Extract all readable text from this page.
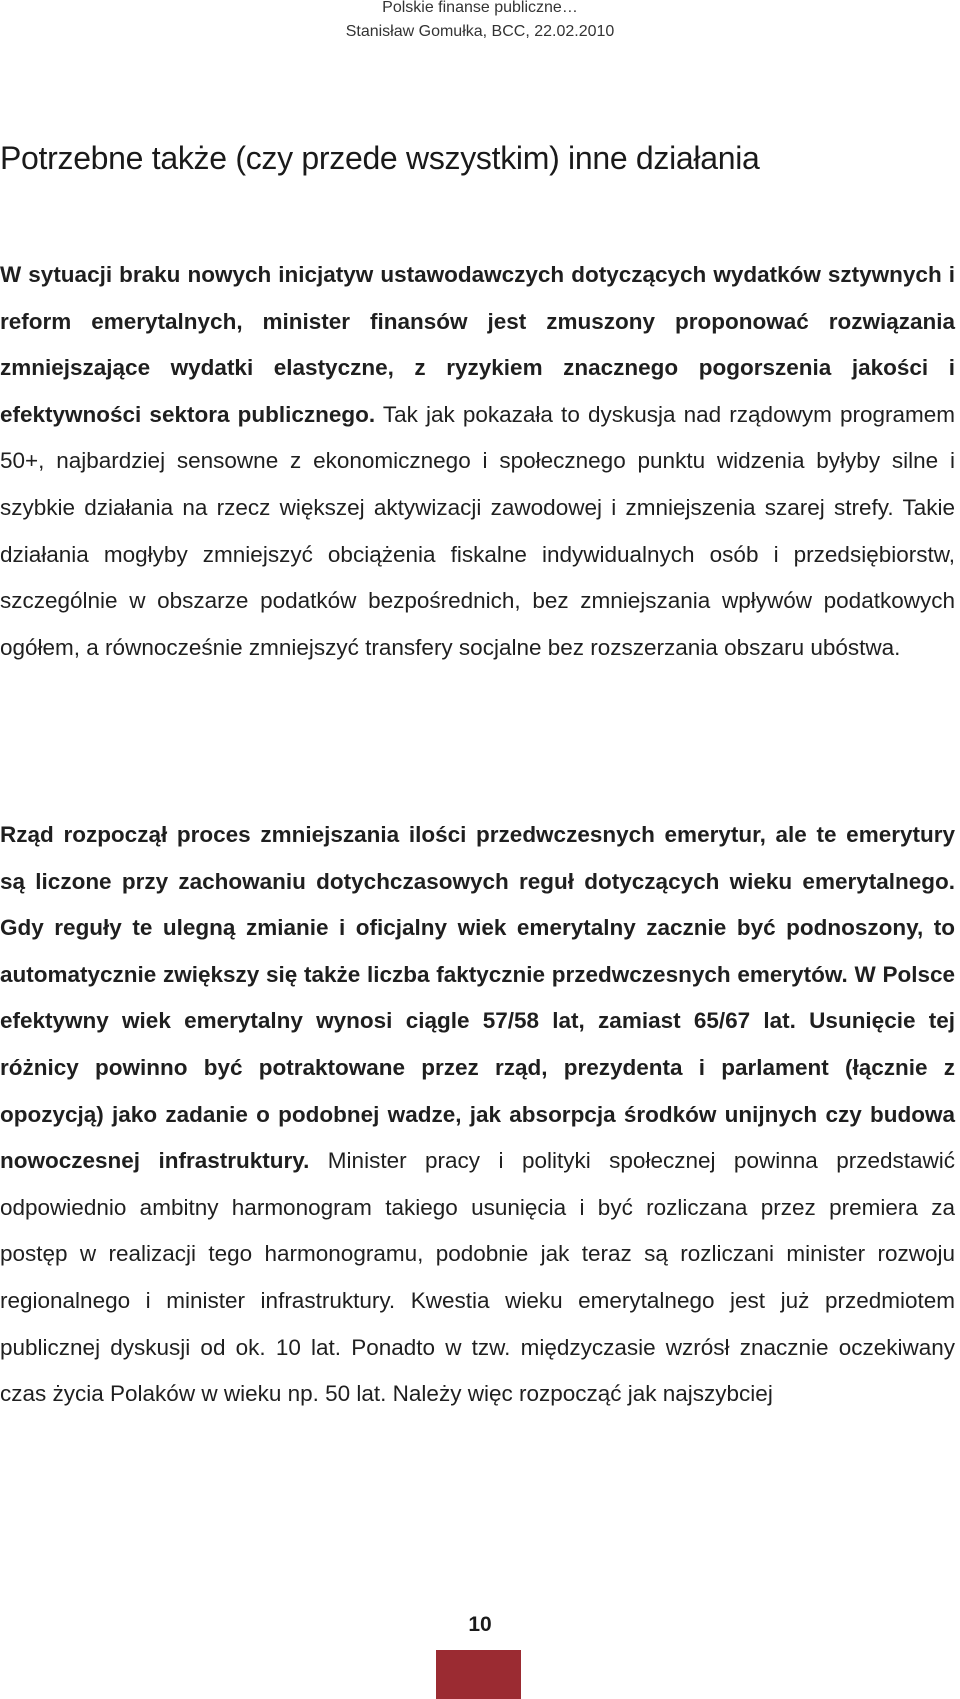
Polskie finanse publiczne…
Stanisław Gomułka, BCC, 22.02.2010
Potrzebne także (czy przede wszystkim) inne działania

W sytuacji braku nowych inicjatyw ustawodawczych dotyczących wydatków sztywnych i reform emerytalnych, minister finansów jest zmuszony proponować rozwiązania zmniejszające wydatki elastyczne, z ryzykiem znacznego pogorszenia jakości i efektywności sektora publicznego. Tak jak pokazała to dyskusja nad rządowym programem 50+, najbardziej sensowne z ekonomicznego i społecznego punktu widzenia byłyby silne i szybkie działania na rzecz większej aktywizacji zawodowej i zmniejszenia szarej strefy. Takie działania mogłyby zmniejszyć obciążenia fiskalne indywidualnych osób i przedsiębiorstw, szczególnie w obszarze podatków bezpośrednich, bez zmniejszania wpływów podatkowych ogółem, a równocześnie zmniejszyć transfery socjalne bez rozszerzania obszaru ubóstwa.

Rząd rozpoczął proces zmniejszania ilości przedwczesnych emerytur, ale te emerytury są liczone przy zachowaniu dotychczasowych reguł dotyczących wieku emerytalnego. Gdy reguły te ulegną zmianie i oficjalny wiek emerytalny zacznie być podnoszony, to automatycznie zwiększy się także liczba faktycznie przedwczesnych emerytów. W Polsce efektywny wiek emerytalny wynosi ciągle 57/58 lat, zamiast 65/67 lat. Usunięcie tej różnicy powinno być potraktowane przez rząd, prezydenta i parlament (łącznie z opozycją) jako zadanie o podobnej wadze, jak absorpcja środków unijnych czy budowa nowoczesnej infrastruktury. Minister pracy i polityki społecznej powinna przedstawić odpowiednio ambitny harmonogram takiego usunięcia i być rozliczana przez premiera za postęp w realizacji tego harmonogramu, podobnie jak teraz są rozliczani minister rozwoju regionalnego i minister infrastruktury. Kwestia wieku emerytalnego jest już przedmiotem publicznej dyskusji od ok. 10 lat. Ponadto w tzw. międzyczasie wzrósł znacznie oczekiwany czas życia Polaków w wieku np. 50 lat. Należy więc rozpocząć jak najszybciej

10
